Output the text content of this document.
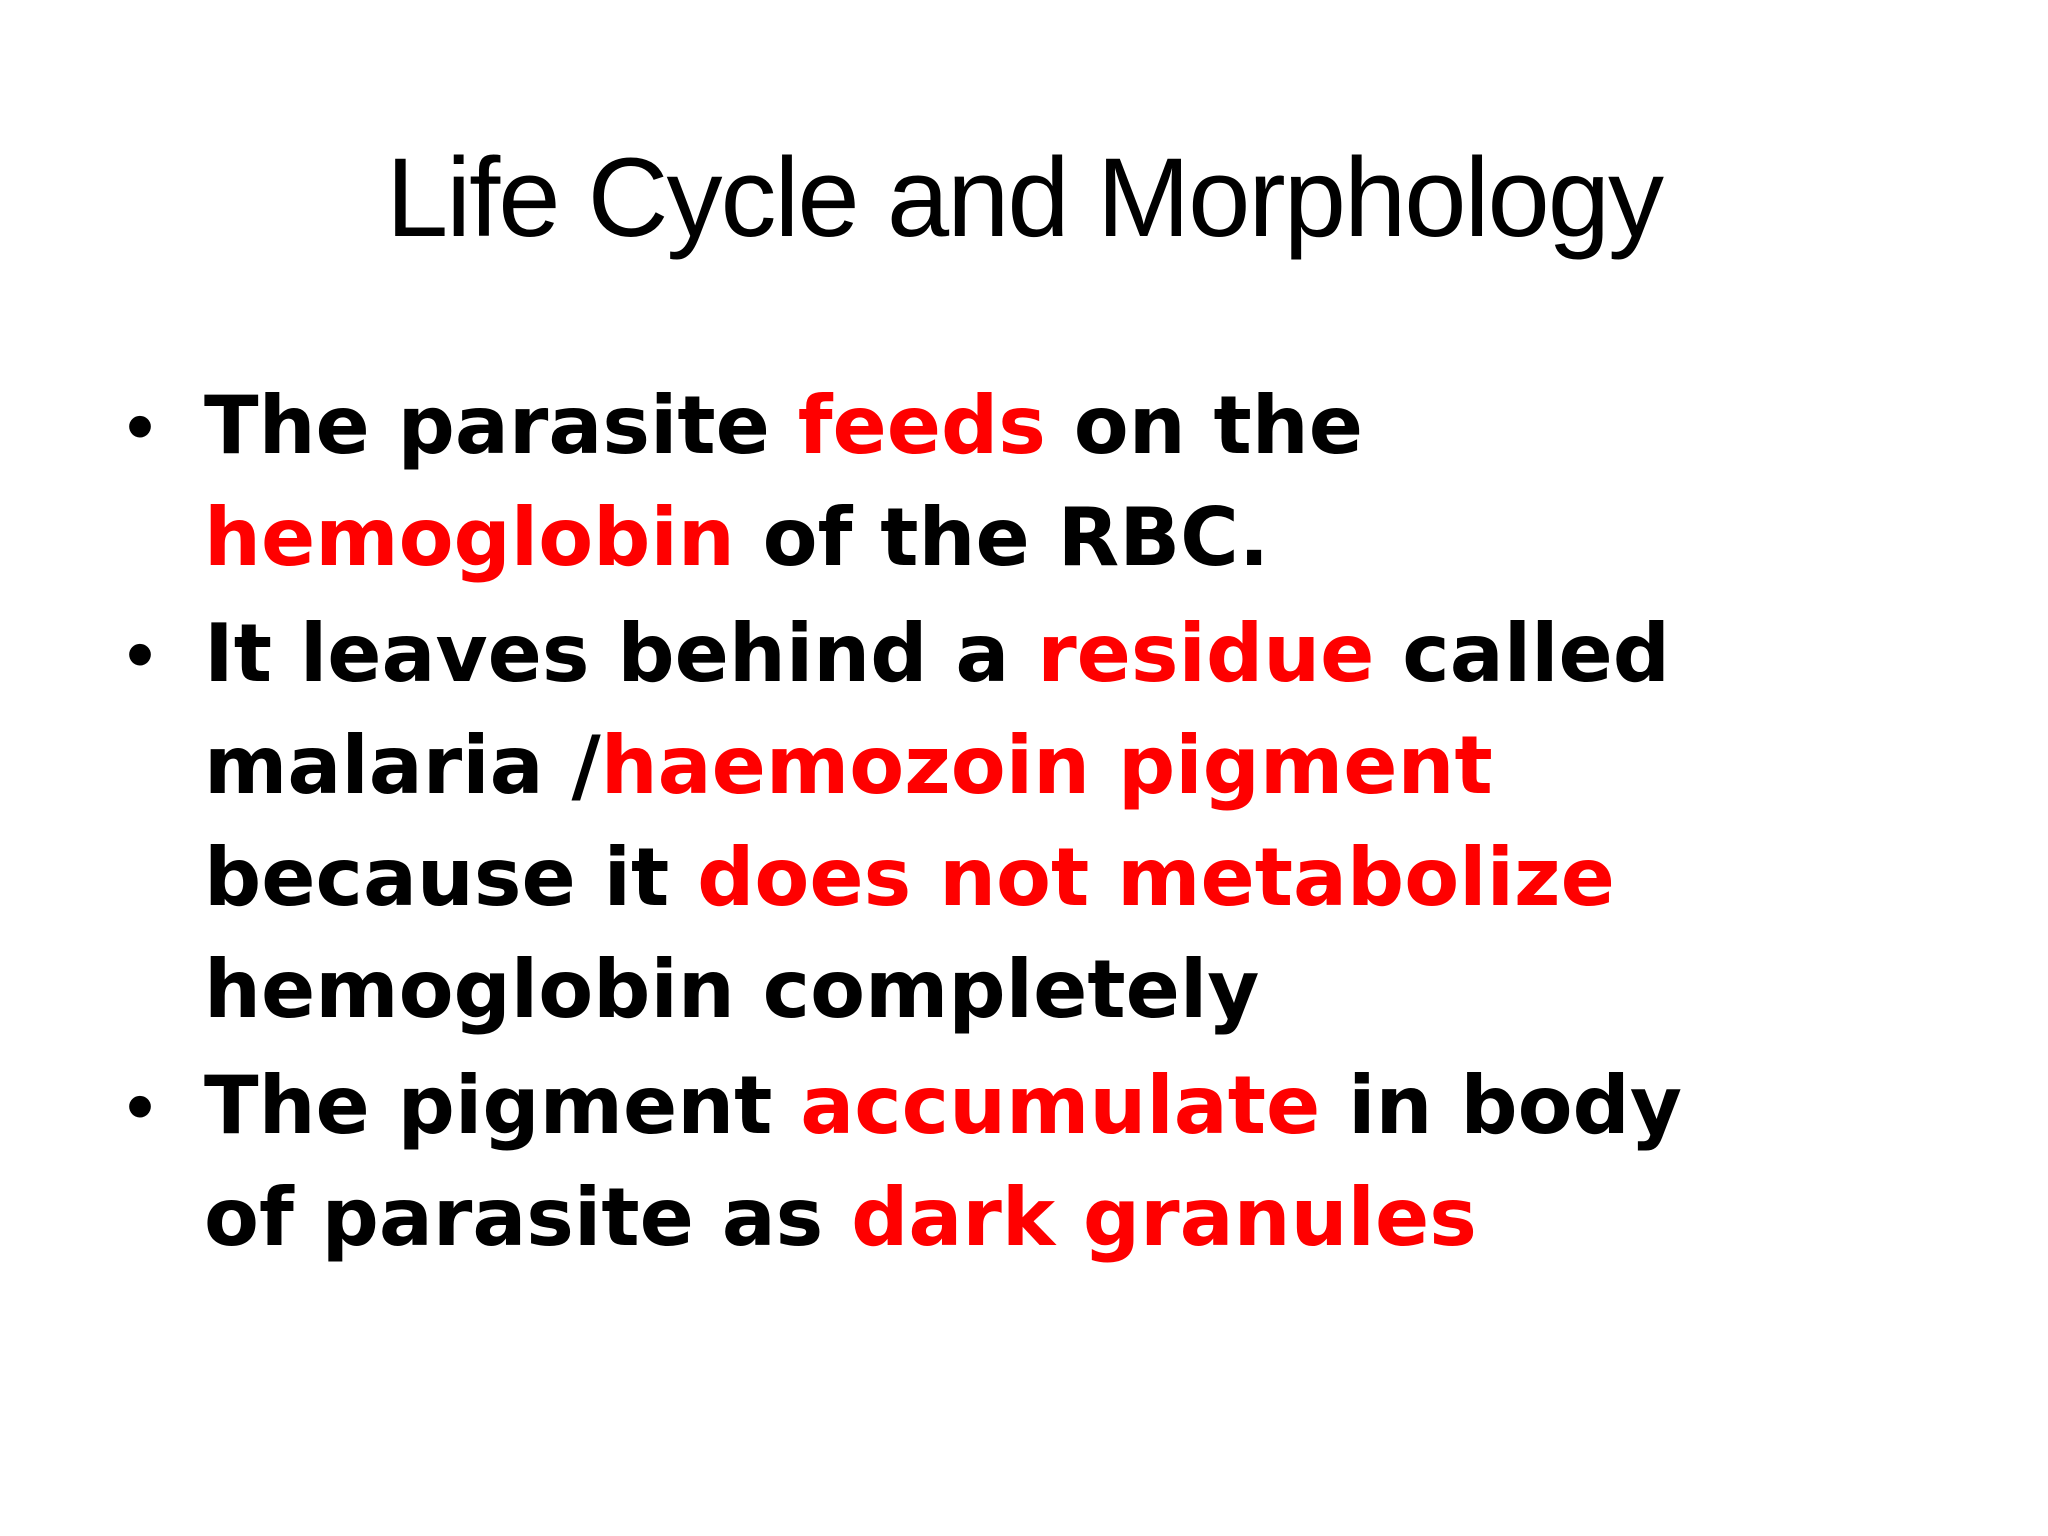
Life Cycle and Morphology
• The parasite feeds on the
hemoglobin of the RBC.
• It leaves behind a residue called
malaria /haemozoin pigment
because it does not metabolize
hemoglobin completely
• The pigment accumulate in body
of parasite as dark granules
